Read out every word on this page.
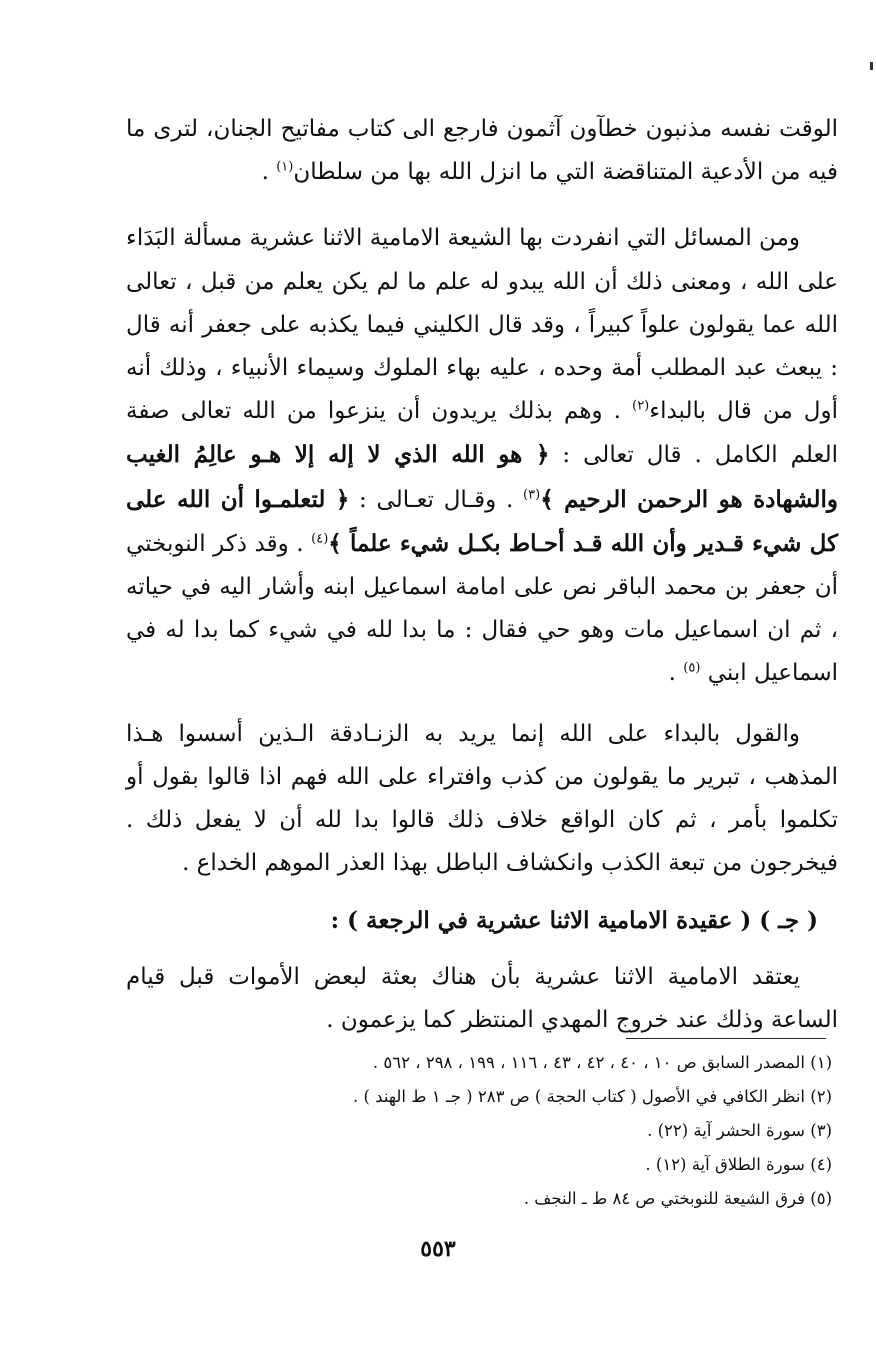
الوقت نفسه مذنبون خطآون آثمون فارجع الى كتاب مفاتيح الجنان، لترى ما فيه من الأدعية المتناقضة التي ما انزل الله بها من سلطان$^{(١)}$ .

ومن المسائل التي انفردت بها الشيعة الامامية الاثنا عشرية مسألة البَدَاء على الله ، ومعنى ذلك أن الله يبدو له علم ما لم يكن يعلم من قبل ، تعالى الله عما يقولون علواً كبيراً ، وقد قال الكليني فيما يكذبه على جعفر أنه قال : يبعث عبد المطلب أمة وحده ، عليه بهاء الملوك وسيماء الأنبياء ، وذلك أنه أول من قال بالبداء$^{(٢)}$ . وهم بذلك يريدون أن ينزعوا من الله تعالى صفة العلم الكامل . قال تعالى : ﴿ هو الله الذي لا إله إلا هـو عالِمُ الغيب والشهادة هو الرحمن الرحيم ﴾$^{(٣)}$ . وقـال تعـالى : ﴿ لتعلمـوا أن الله على كل شيء قـدير وأن الله قـد أحـاط بكـل شيء علماً ﴾$^{(٤)}$ . وقد ذكر النوبختي أن جعفر بن محمد الباقر نص على امامة اسماعيل ابنه وأشار اليه في حياته ، ثم ان اسماعيل مات وهو حي فقال : ما بدا لله في شيء كما بدا له في اسماعيل ابني $^{(٥)}$ .

والقول بالبداء على الله إنما يريد به الزنـادقة الـذين أسسوا هـذا المذهب ، تبرير ما يقولون من كذب وافتراء على الله فهم اذا قالوا بقول أو تكلموا بأمر ، ثم كان الواقع خلاف ذلك قالوا بدا لله أن لا يفعل ذلك . فيخرجون من تبعة الكذب وانكشاف الباطل بهذا العذر الموهم الخداع .

( جـ ) ( عقيدة الامامية الاثنا عشرية في الرجعة ) :

يعتقد الامامية الاثنا عشرية بأن هناك بعثة لبعض الأموات قبل قيام الساعة وذلك عند خروج المهدي المنتظر كما يزعمون .

(١) المصدر السابق ص ١٠ ، ٤٠ ، ٤٢ ، ٤٣ ، ١١٦ ، ١٩٩ ، ٢٩٨ ، ٥٦٢ .
(٢) انظر الكافي في الأصول ( كتاب الحجة ) ص ٢٨٣ ( جـ ١ ط الهند ) .
(٣) سورة الحشر آية (٢٢) .
(٤) سورة الطلاق آية (١٢) .
(٥) فرق الشيعة للنوبختي ص ٨٤ ط ـ النجف .
٥٥٣
